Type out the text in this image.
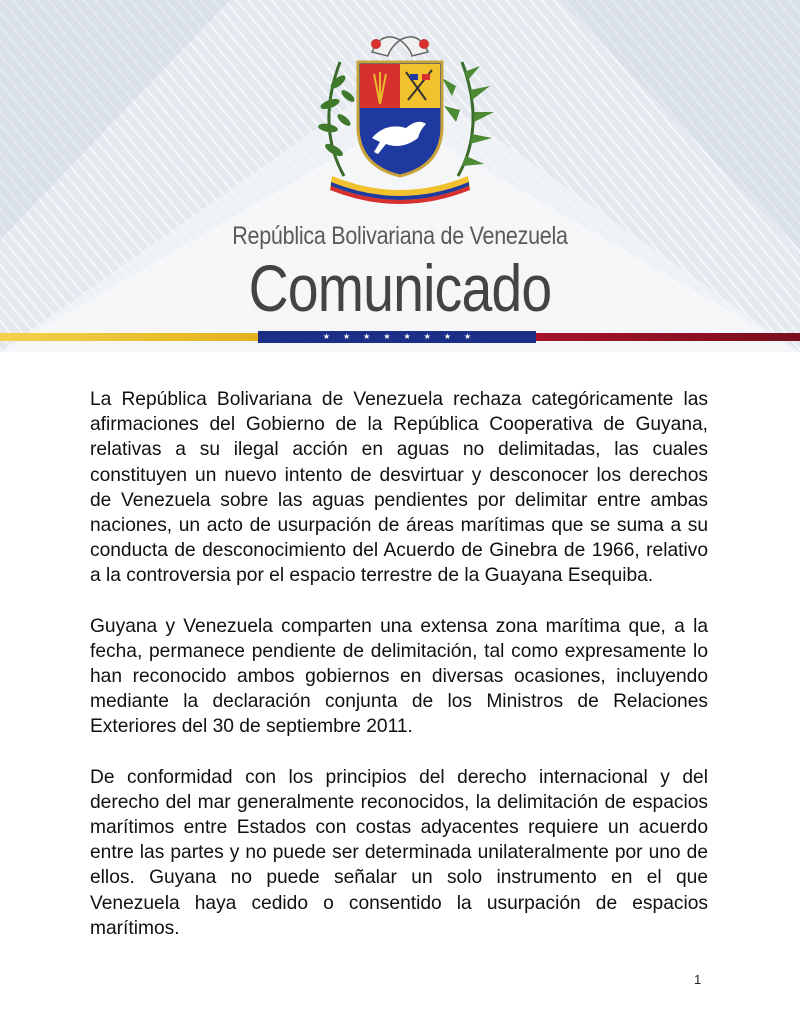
República Bolivariana de Venezuela
Comunicado
★ ★ ★ ★ ★ ★ ★ ★

La República Bolivariana de Venezuela rechaza categóricamente las afirmaciones del Gobierno de la República Cooperativa de Guyana, relativas a su ilegal acción en aguas no delimitadas, las cuales constituyen un nuevo intento de desvirtuar y desconocer los derechos de Venezuela sobre las aguas pendientes por delimitar entre ambas naciones, un acto de usurpación de áreas marítimas que se suma a su conducta de desconocimiento del Acuerdo de Ginebra de 1966, relativo a la controversia por el espacio terrestre de la Guayana Esequiba.

Guyana y Venezuela comparten una extensa zona marítima que, a la fecha, permanece pendiente de delimitación, tal como expresamente lo han reconocido ambos gobiernos en diversas ocasiones, incluyendo mediante la declaración conjunta de los Ministros de Relaciones Exteriores del 30 de septiembre 2011.

De conformidad con los principios del derecho internacional y del derecho del mar generalmente reconocidos, la delimitación de espacios marítimos entre Estados con costas adyacentes requiere un acuerdo entre las partes y no puede ser determinada unilateralmente por uno de ellos. Guyana no puede señalar un solo instrumento en el que Venezuela haya cedido o consentido la usurpación de espacios marítimos.

1
